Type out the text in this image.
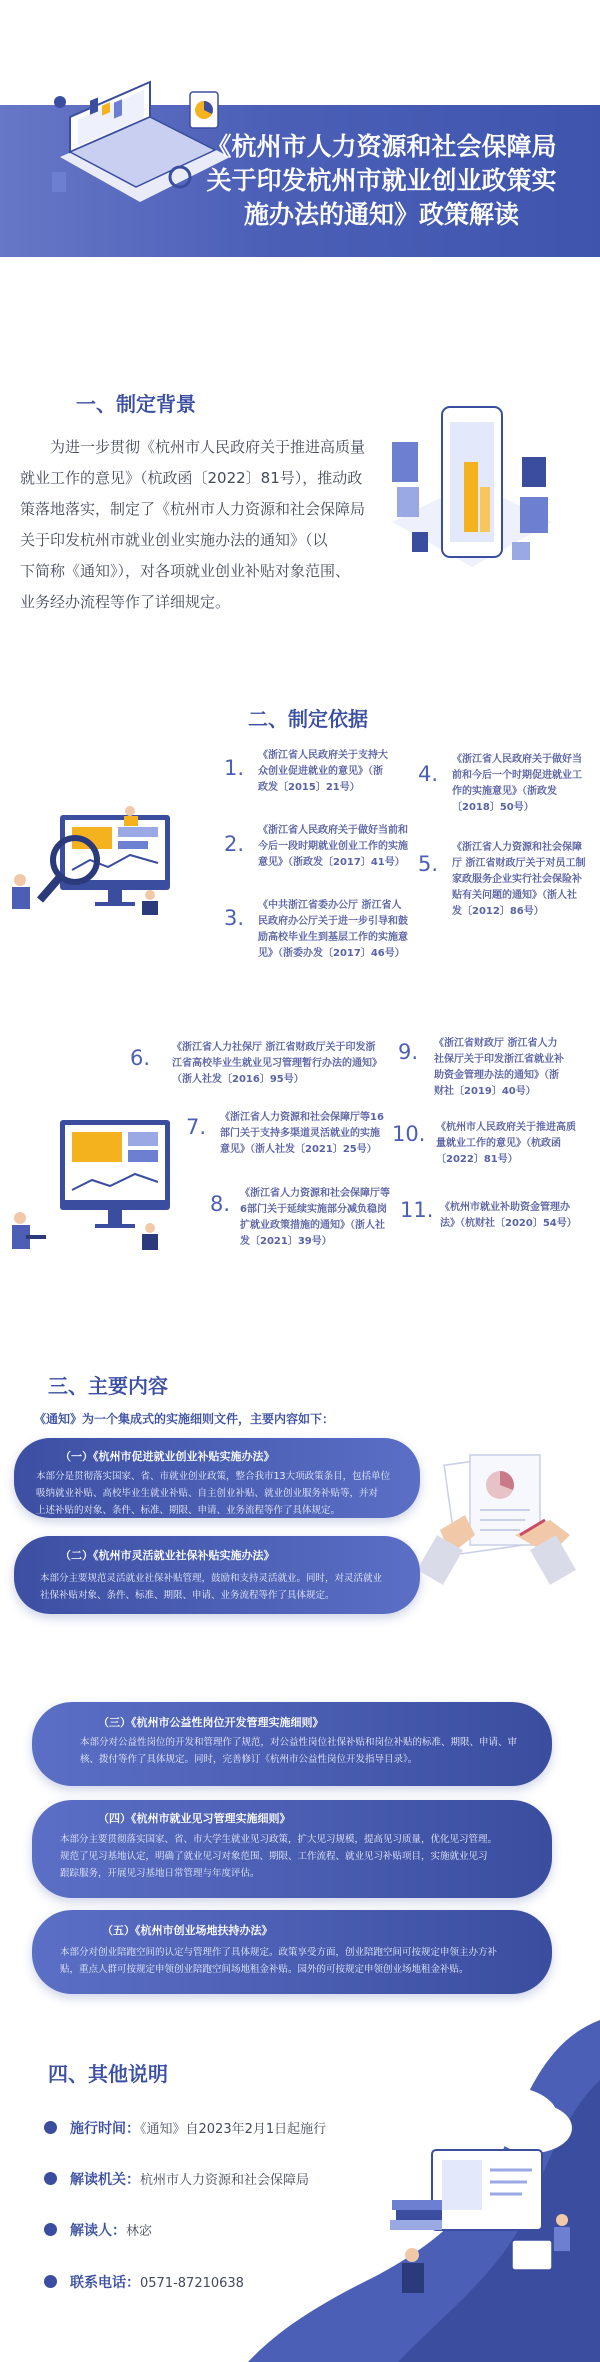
《杭州市人力资源和社会保障局
关于印发杭州市就业创业政策实
施办法的通知》政策解读
一、制定背景
　　为进一步贯彻《杭州市人民政府关于推进高质量
就业工作的意见》（杭政函〔2022〕81号），推动政
策落地落实，制定了《杭州市人力资源和社会保障局
关于印发杭州市就业创业实施办法的通知》（以
下简称《通知》），对各项就业创业补贴对象范围、
业务经办流程等作了详细规定。
二、制定依据
1.
《浙江省人民政府关于支持大
众创业促进就业的意见》（浙
政发〔2015〕21号）
2.
《浙江省人民政府关于做好当前和
今后一段时期就业创业工作的实施
意见》（浙政发〔2017〕41号）
3.
《中共浙江省委办公厅 浙江省人
民政府办公厅关于进一步引导和鼓
励高校毕业生到基层工作的实施意
见》（浙委办发〔2017〕46号）
4.
《浙江省人民政府关于做好当
前和今后一个时期促进就业工
作的实施意见》（浙政发
〔2018〕50号）
5.
《浙江省人力资源和社会保障
厅 浙江省财政厅关于对员工制
家政服务企业实行社会保险补
贴有关问题的通知》（浙人社
发〔2012〕86号）
6. 《浙江省人力社保厅 浙江省财政厅关于印发浙
江省高校毕业生就业见习管理暂行办法的通知》
（浙人社发〔2016〕95号）
7. 《浙江省人力资源和社会保障厅等16
部门关于支持多渠道灵活就业的实施
意见》（浙人社发〔2021〕25号）
8. 《浙江省人力资源和社会保障厅等
6部门关于延续实施部分减负稳岗
扩就业政策措施的通知》（浙人社
发〔2021〕39号）
9. 《浙江省财政厅 浙江省人力
社保厅关于印发浙江省就业补
助资金管理办法的通知》（浙
财社〔2019〕40号）
10. 《杭州市人民政府关于推进高质
量就业工作的意见》（杭政函
〔2022〕81号）
11. 《杭州市就业补助资金管理办
法》（杭财社〔2020〕54号）
三、主要内容
《通知》为一个集成式的实施细则文件，主要内容如下：
（一）《杭州市促进就业创业补贴实施办法》
本部分是贯彻落实国家、省、市就业创业政策，整合我市13大项政策条目，包括单位
吸纳就业补贴、高校毕业生就业补贴、自主创业补贴、就业创业服务补贴等，并对
上述补贴的对象、条件、标准、期限、申请、业务流程等作了具体规定。
（二）《杭州市灵活就业社保补贴实施办法》
本部分主要规范灵活就业社保补贴管理，鼓励和支持灵活就业。同时，对灵活就业
社保补贴对象、条件、标准、期限、申请、业务流程等作了具体规定。
（三）《杭州市公益性岗位开发管理实施细则》
本部分对公益性岗位的开发和管理作了规范，对公益性岗位社保补贴和岗位补贴的标准、期限、申请、审
核、拨付等作了具体规定。同时，完善修订《杭州市公益性岗位开发指导目录》。
（四）《杭州市就业见习管理实施细则》
本部分主要贯彻落实国家、省、市大学生就业见习政策，扩大见习规模，提高见习质量，优化见习管理。
规范了见习基地认定，明确了就业见习对象范围、期限、工作流程、就业见习补贴项目，实施就业见习
跟踪服务，开展见习基地日常管理与年度评估。
（五）《杭州市创业场地扶持办法》
本部分对创业陪跑空间的认定与管理作了具体规定。政策享受方面，创业陪跑空间可按规定申领主办方补
贴，重点人群可按规定申领创业陪跑空间场地租金补贴。园外的可按规定申领创业场地租金补贴。
四、其他说明
施行时间：《通知》自2023年2月1日起施行
解读机关：杭州市人力资源和社会保障局
解读人：林宓
联系电话：0571-87210638
